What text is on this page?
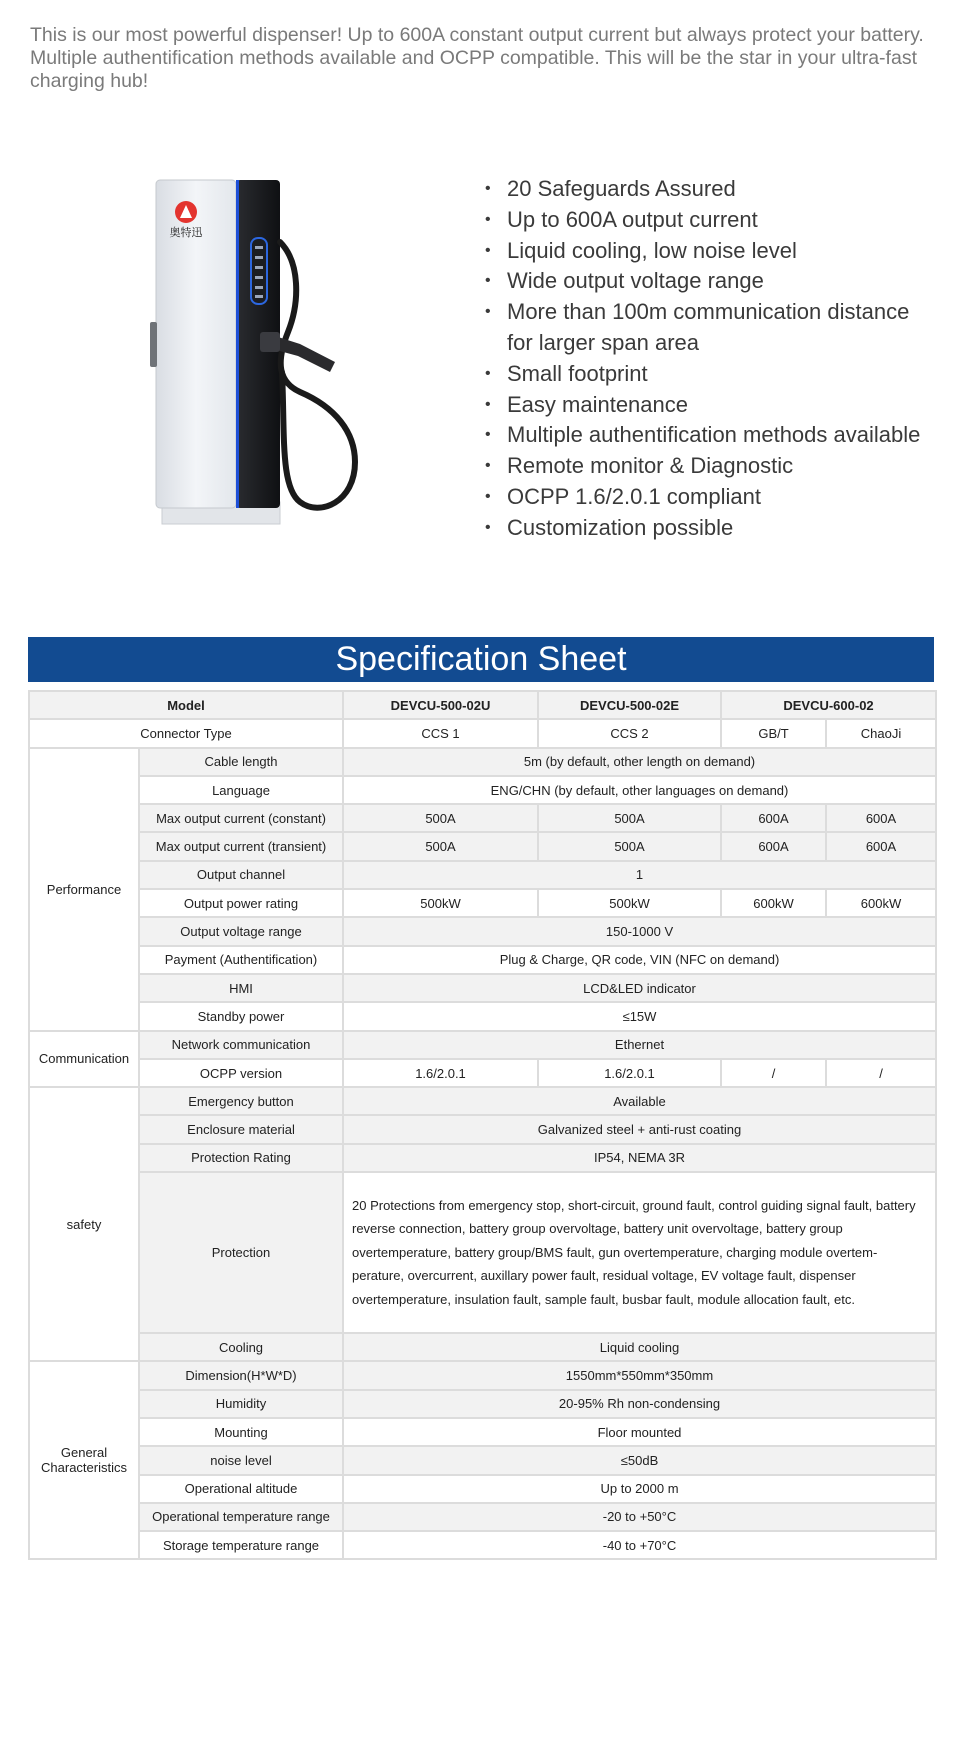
This is our most powerful dispenser! Up to 600A constant output current but always protect your battery. Multiple authentification methods available and OCPP compatible. This will be the star in your ultra-fast charging hub!

奥特迅
• 20 Safeguards Assured
• Up to 600A output current
• Liquid cooling, low noise level
• Wide output voltage range
• More than 100m communication distance
for larger span area
• Small footprint
• Easy maintenance
• Multiple authentification methods available
• Remote monitor & Diagnostic
• OCPP 1.6/2.0.1 compliant
• Customization possible
Specification Sheet
Model		DEVCU-500-02U	DEVCU-500-02E	DEVCU-600-02	
Connector Type		CCS 1	CCS 2	GB/T	ChaoJi
Performance	Cable length	5m (by default, other length on demand)			
	Language	ENG/CHN (by default, other languages on demand)			
	Max output current (constant)	500A	500A	600A	600A
	Max output current (transient)	500A	500A	600A	600A
	Output channel	1			
	Output power rating	500kW	500kW	600kW	600kW
	Output voltage range	150-1000 V			
	Payment (Authentification)	Plug & Charge, QR code, VIN (NFC on demand)			
	HMI	LCD&LED indicator			
	Standby power	≤15W			
Communication	Network communication	Ethernet			
	OCPP version	1.6/2.0.1	1.6/2.0.1	/	/
safety	Emergency button	Available			
	Enclosure material	Galvanized steel + anti-rust coating			
	Protection Rating	IP54, NEMA 3R			
	Protection	20 Protections from emergency stop, short-circuit, ground fault, control guiding signal fault, battery reverse connection, battery group overvoltage, battery unit overvoltage, battery group overtemperature, battery group/BMS fault, gun overtemperature, charging module overtem-perature, overcurrent, auxillary power fault, residual voltage, EV voltage fault, dispenser overtemperature, insulation fault, sample fault, busbar fault, module allocation fault, etc.			
	Cooling	Liquid cooling			
General Characteristics	Dimension(H*W*D)	1550mm*550mm*350mm			
	Humidity	20-95% Rh non-condensing			
	Mounting	Floor mounted			
	noise level	≤50dB			
	Operational altitude	Up to 2000 m			
	Operational temperature range	-20 to +50°C			
	Storage temperature range	-40 to +70°C			
